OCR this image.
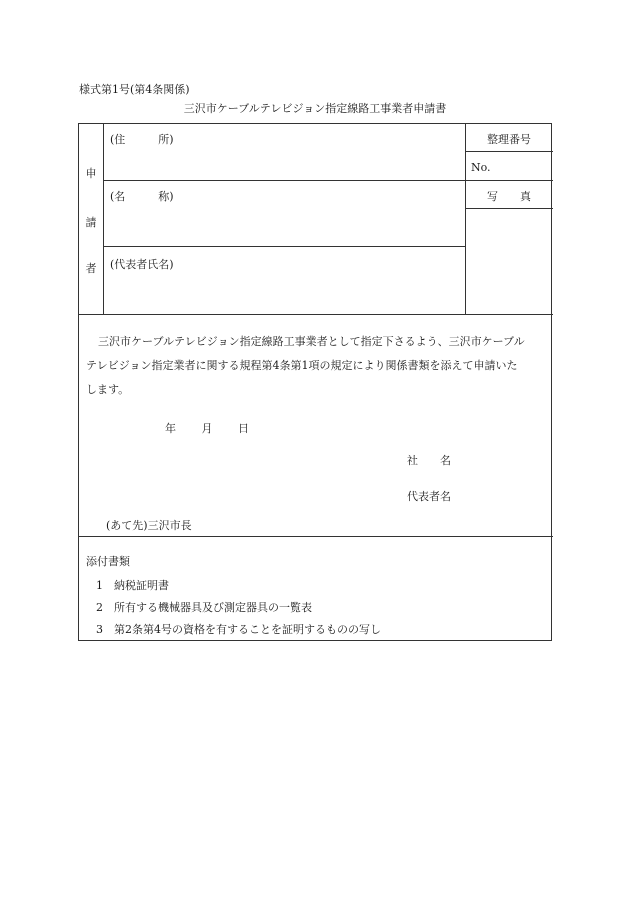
様式第1号(第4条関係)
三沢市ケーブルテレビジョン指定線路工事業者申請書
申
請
者
(住　　　所)
(名　　　称)
(代表者氏名)
整理番号
No.
写　　真
三沢市ケーブルテレビジョン指定線路工事業者として指定下さるよう、三沢市ケーブル
テレビジョン指定業者に関する規程第4条第1項の規定により関係書類を添えて申請いた
します。
年 月 日
社　　名
代表者名
(あて先)三沢市長
添付書類
1 納税証明書
2 所有する機械器具及び測定器具の一覧表
3 第2条第4号の資格を有することを証明するものの写し
